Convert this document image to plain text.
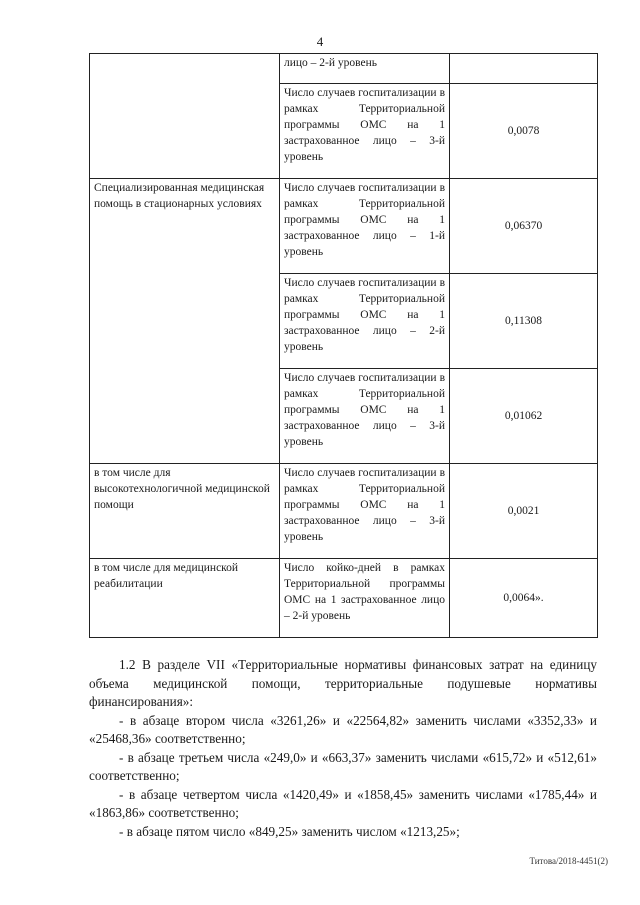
4
	лицо – 2-й уровень	
	Число случаев госпитализации в рамках Территориальной программы ОМС на 1 застрахованное лицо – 3-й уровень	0,0078
Специализированная медицинская помощь в стационарных условиях	Число случаев госпитализации в рамках Территориальной программы ОМС на 1 застрахованное лицо – 1-й уровень	0,06370
	Число случаев госпитализации в рамках Территориальной программы ОМС на 1 застрахованное лицо – 2-й уровень	0,11308
	Число случаев госпитализации в рамках Территориальной программы ОМС на 1 застрахованное лицо – 3-й уровень	0,01062
в том числе для высокотехнологичной медицинской помощи	Число случаев госпитализации в рамках Территориальной программы ОМС на 1 застрахованное лицо – 3-й уровень	0,0021
в том числе для медицинской реабилитации	Число койко-дней в рамках Территориальной программы ОМС на 1 застрахованное лицо – 2-й уровень	0,0064».

1.2 В разделе VII «Территориальные нормативы финансовых затрат на единицу объема медицинской помощи, территориальные подушевые нормативы финансирования»:

- в абзаце втором числа «3261,26» и «22564,82» заменить числами «3352,33» и «25468,36» соответственно;

- в абзаце третьем числа «249,0» и «663,37» заменить числами «615,72» и «512,61» соответственно;

- в абзаце четвертом числа «1420,49» и «1858,45» заменить числами «1785,44» и «1863,86» соответственно;

- в абзаце пятом число «849,25» заменить числом «1213,25»;

Титова/2018-4451(2)
